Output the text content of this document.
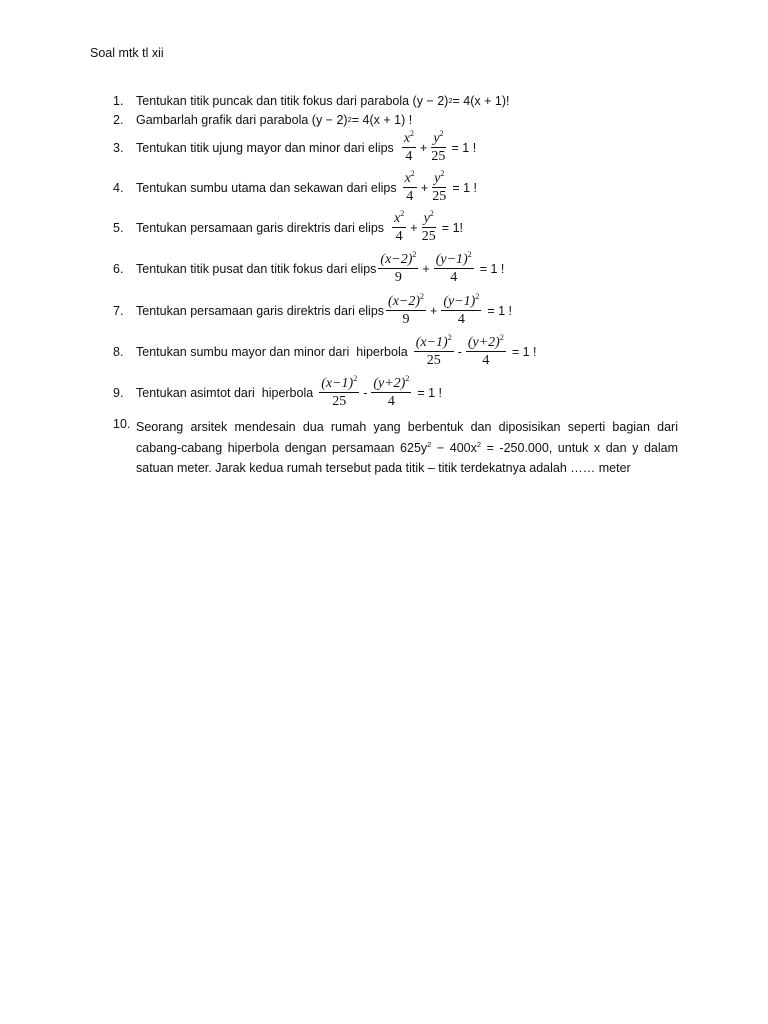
Soal mtk tl xii
1.	Tentukan titik puncak dan titik fokus dari parabola (y − 2) 2 = 4(x + 1)!
2.	Gambarlah grafik dari parabola (y − 2) 2 = 4(x + 1) !
3.	Tentukan titik ujung mayor dan minor dari elips $\frac{x^2}{4} + \frac{y^2}{25} = 1$ !
4.	Tentukan sumbu utama dan sekawan dari elips $\frac{x^2}{4} + \frac{y^2}{25} = 1$ !
5.	Tentukan persamaan garis direktris dari elips $\frac{x^2}{4} + \frac{y^2}{25} = 1$!
6.	Tentukan titik pusat dan titik fokus dari elips $\frac{(x-2)^2}{9} + \frac{(y-1)^2}{4} = 1$ !
7.	Tentukan persamaan garis direktris dari elips $\frac{(x-2)^2}{9} + \frac{(y-1)^2}{4} = 1$ !
8.	Tentukan sumbu mayor dan minor dari  hiperbola $\frac{(x-1)^2}{25} - \frac{(y+2)^2}{4} = 1$ !
9.	Tentukan asimtot dari  hiperbola $\frac{(x-1)^2}{25} - \frac{(y+2)^2}{4} = 1$ !
10. Seorang arsitek mendesain dua rumah yang berbentuk dan diposisikan seperti bagian dari
cabang-cabang hiperbola dengan persamaan $625y^2 - 400x^2 = -250.000$, untuk x dan y dalam
satuan meter. Jarak kedua rumah tersebut pada titik – titik terdekatnya adalah …… meter
